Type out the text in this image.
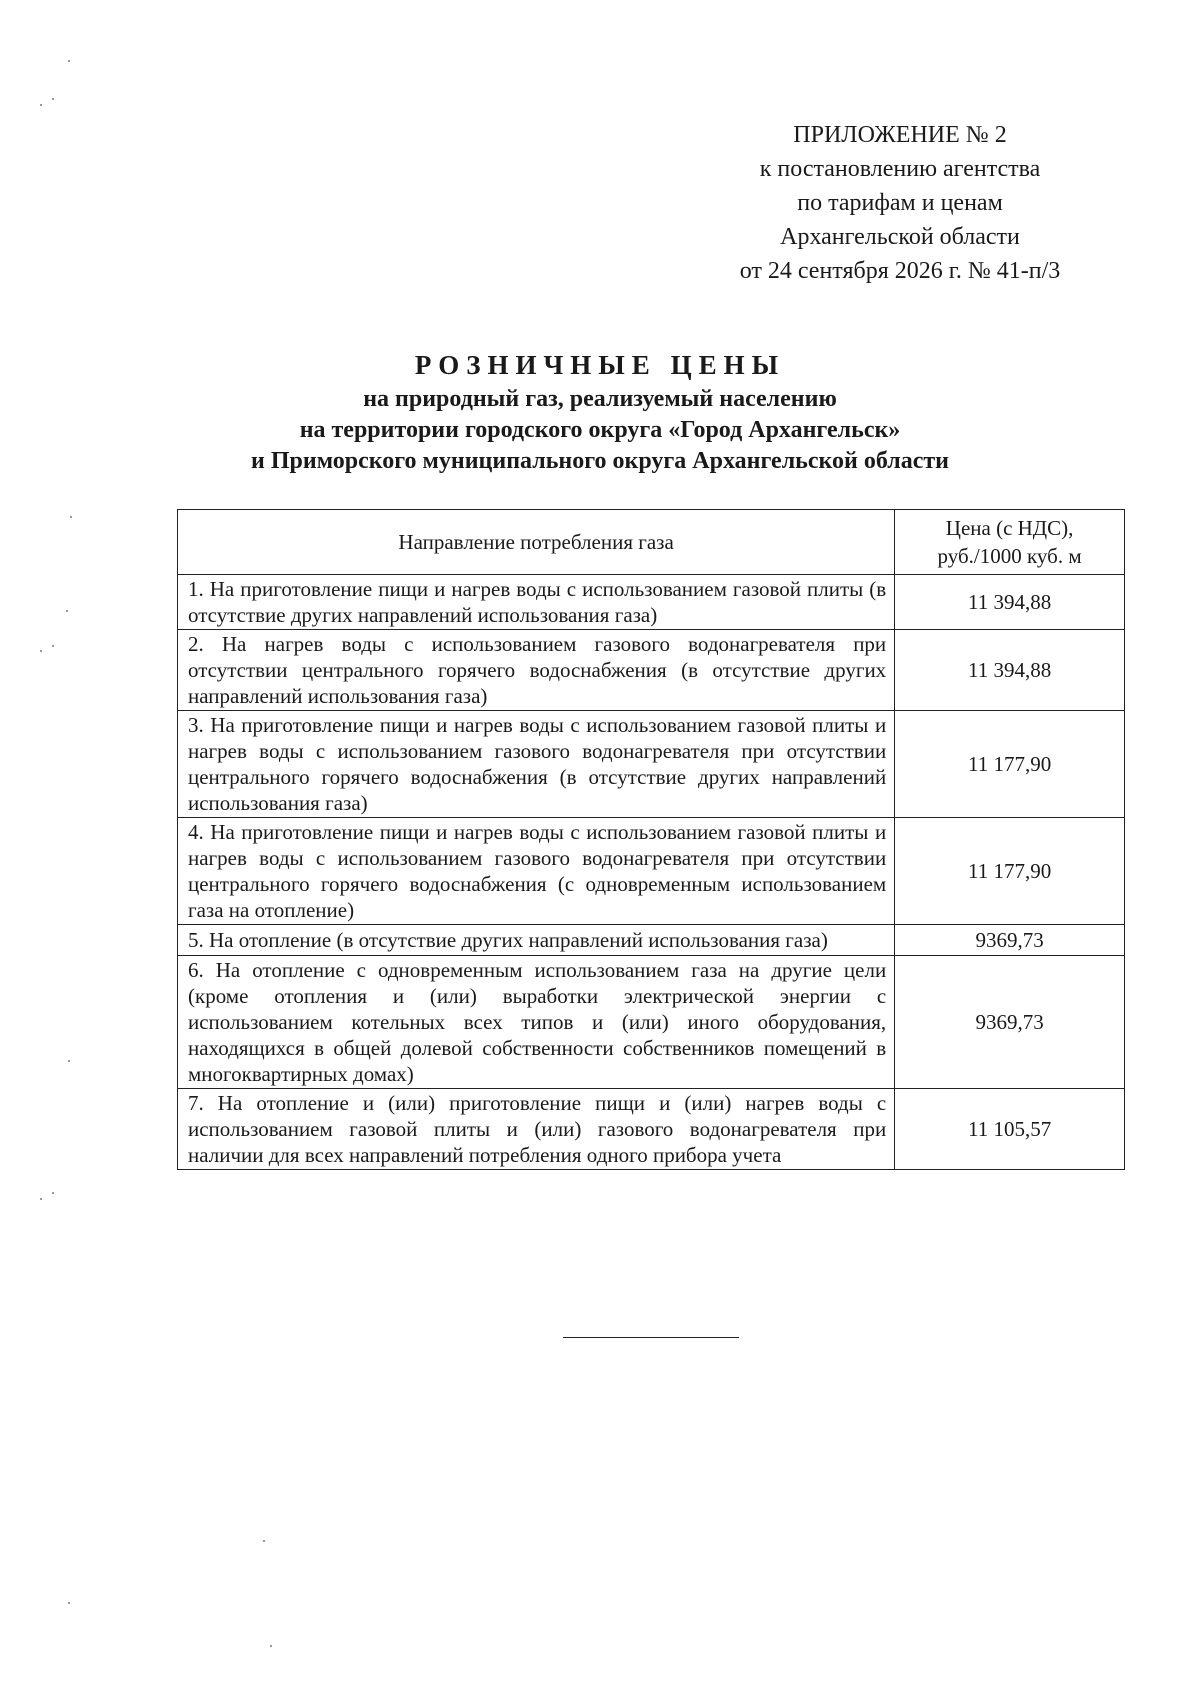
ПРИЛОЖЕНИЕ № 2
к постановлению агентства
по тарифам и ценам
Архангельской области
от 24 сентября 2026 г. № 41-п/3
РОЗНИЧНЫЕ ЦЕНЫ
на природный газ, реализуемый населению
на территории городского округа «Город Архангельск»
и Приморского муниципального округа Архангельской области
Направление потребления газа	Цена (с НДС),
руб./1000 куб. м

1. На приготовление пищи и нагрев воды с использованием газовой плиты (в отсутствие других направлений использования газа)	11 394,88
2. На нагрев воды с использованием газового водонагревателя при отсутствии центрального горячего водоснабжения (в отсутствие других направлений использования газа)	11 394,88
3. На приготовление пищи и нагрев воды с использованием газовой плиты и нагрев воды с использованием газового водонагревателя при отсутствии центрального горячего водоснабжения (в отсутствие других направлений использования газа)	11 177,90
4. На приготовление пищи и нагрев воды с использованием газовой плиты и нагрев воды с использованием газового водонагревателя при отсутствии центрального горячего водоснабжения (с одновременным использованием газа на отопление)	11 177,90
5. На отопление (в отсутствие других направлений использования газа)	9369,73
6. На отопление с одновременным использованием газа на другие цели (кроме отопления и (или) выработки электрической энергии с использованием котельных всех типов и (или) иного оборудования, находящихся в общей долевой собственности собственников помещений в многоквартирных домах)	9369,73
7. На отопление и (или) приготовление пищи и (или) нагрев воды с использованием газовой плиты и (или) газового водонагревателя при наличии для всех направлений потребления одного прибора учета	11 105,57
